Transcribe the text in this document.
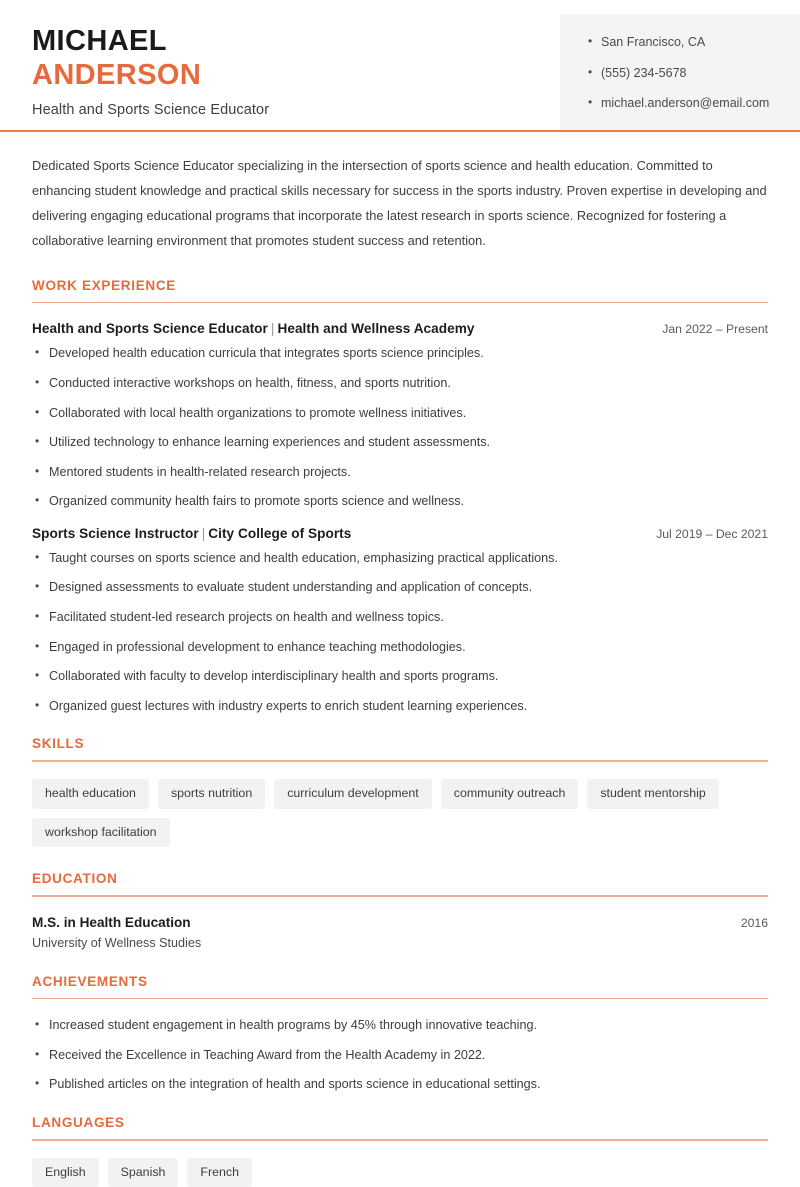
MICHAEL
ANDERSON
Health and Sports Science Educator
• San Francisco, CA
• (555) 234-5678
• michael.anderson@email.com

Dedicated Sports Science Educator specializing in the intersection of sports science and health education. Committed to enhancing student knowledge and practical skills necessary for success in the sports industry. Proven expertise in developing and delivering engaging educational programs that incorporate the latest research in sports science. Recognized for fostering a collaborative learning environment that promotes student success and retention.

WORK EXPERIENCE
Health and Sports Science Educator | Health and Wellness Academy	Jan 2022 – Present
• Developed health education curricula that integrates sports science principles.
• Conducted interactive workshops on health, fitness, and sports nutrition.
• Collaborated with local health organizations to promote wellness initiatives.
• Utilized technology to enhance learning experiences and student assessments.
• Mentored students in health-related research projects.
• Organized community health fairs to promote sports science and wellness.
Sports Science Instructor | City College of Sports	Jul 2019 – Dec 2021
• Taught courses on sports science and health education, emphasizing practical applications.
• Designed assessments to evaluate student understanding and application of concepts.
• Facilitated student-led research projects on health and wellness topics.
• Engaged in professional development to enhance teaching methodologies.
• Collaborated with faculty to develop interdisciplinary health and sports programs.
• Organized guest lectures with industry experts to enrich student learning experiences.
SKILLS
health education	sports nutrition	curriculum development	community outreach	student mentorship
workshop facilitation
EDUCATION
M.S. in Health Education	2016
University of Wellness Studies
ACHIEVEMENTS
• Increased student engagement in health programs by 45% through innovative teaching.
• Received the Excellence in Teaching Award from the Health Academy in 2022.
• Published articles on the integration of health and sports science in educational settings.
LANGUAGES
English	Spanish	French
